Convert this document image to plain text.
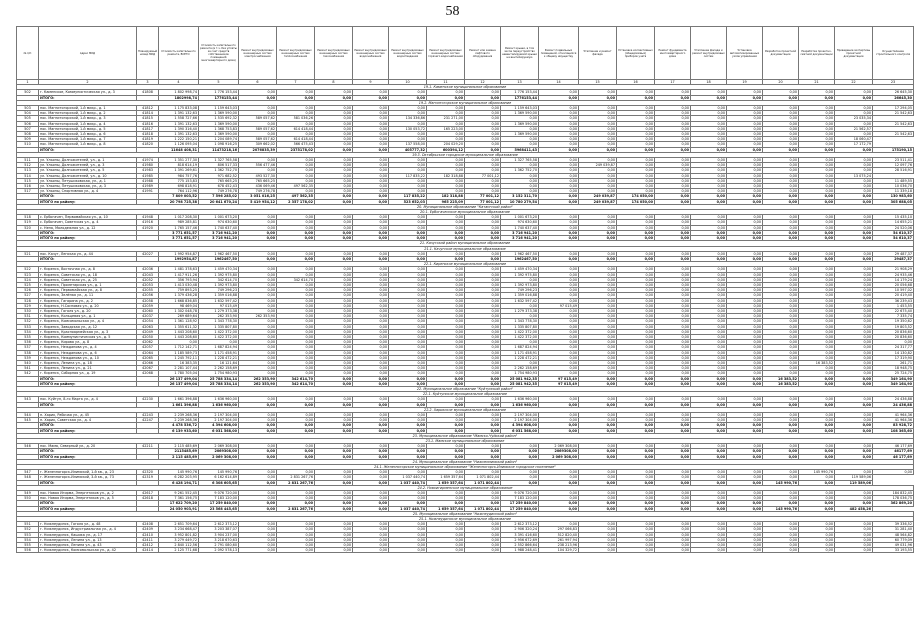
58
№ п/п	Адрес МКД	Планируемый номер МКД	Стоимость капитального ремонта, ВСЕГО	Стоимость капитального ремонта (в т.ч. без уплаты за счет средств собственников помещений многоквартирного дома)	Ремонт внутридомовых инженерных систем электроснабжения	Ремонт внутридомовых инженерных систем теплоснабжения	Ремонт внутридомовых инженерных систем газоснабжения	Ремонт внутридомовых инженерных систем водоснабжения	Ремонт внутридомовых инженерных систем водоотведения	Ремонт внутридомовых инженерных систем горячего водоснабжения	Ремонт или замена лифтового оборудования	Ремонт крыши, в том числе переустройство невентилируемой крыши на вентилируемую	Ремонт подвальных помещений, относящихся к общему имуществу	Утепление и ремонт фасада	Установка коллективных (общедомовых) приборов учета	Ремонт фундамента многоквартирного дома	Утепление фасада и ремонт внутридомовых систем	Установка автоматизированных узлов управления	Разработка проектной документации	Разработка проектно-сметной документации	Проведение экспертизы проектной документации	Осуществление строительного контроля
1	2	3	4	5	6	7	8	9	10	11	12	13	14	15	16	17	18	19	20	21	22	23
19.1. Каменское муниципальное образование																						
502	г. Каменское, Коммунистическая ул., д. 3	41808	1 802 998,74	1 776 153,44	0,00	0,00	0,00	0,00	0,00	0,00	0,00	1 776 153,44	0,00	0,00	0,00	0,00	0,00	0,00	0,00	0,00	0,00	26 645,30
	ИТОГО:		1802998,74	1776153,44	0,00	0,00	0,00	0,00	0,00	0,00	0,00	1776153,44	0,00	0,00	0,00	0,00	0,00	0,00	0,00	0,00	0,00	26645,30
19.2. Магнитогорское муниципальное образование																						
503	пос. Магнитогорский, 1-й микр., д. 1	41812	1 175 833,08	1 159 643,03	0,00	0,00	0,00	0,00	0,00	0,00	0,00	1 159 643,03	0,00	0,00	0,00	0,00	0,00	0,00	0,00	0,00	0,00	17 294,05
504	пос. Магнитогорский, 1-й микр., д. 2	41814	1 391 132,63	1 369 590,00	0,00	0,00	0,00	0,00	0,00	0,00	0,00	1 369 590,00	0,00	0,00	0,00	0,00	0,00	0,00	0,00	0,00	0,00	21 542,63
505	пос. Магнитогорский, 1-й микр., д. 3	41815	1 558 727,66	1 535 692,32	589 057,62	581 036,26	0,00	0,00	134 336,86	231 271,00	0,00	0,00	0,00	0,00	0,00	0,00	0,00	0,00	0,00	0,00	23 035,34	
506	пос. Магнитогорский, 1-й микр., д. 4	41816	1 391 132,63	1 369 590,00	0,00	0,00	0,00	0,00	0,00	0,00	0,00	1 369 590,00	0,00	0,00	0,00	0,00	0,00	0,00	0,00	0,00	0,00	21 542,63
507	пос. Магнитогорский, 1-й микр., д. 5	41817	1 390 316,40	1 368 753,83	589 057,62	614 418,44	0,00	0,00	130 053,72	165 223,00	0,00	0,00	0,00	0,00	0,00	0,00	0,00	0,00	0,00	0,00	21 562,57	
508	пос. Магнитогорский, 1-й микр., д. 6	41818	1 391 132,63	1 369 590,00	0,00	0,00	0,00	0,00	0,00	0,00	0,00	1 369 590,00	0,00	0,00	0,00	0,00	0,00	0,00	0,00	0,00	0,00	21 542,63
509	пос. Магнитогорский, 1-й микр., д. 7	41819	1 222 150,21	1 204 089,74	589 057,62	614 418,44	0,00	0,00	0,00	0,00	0,00	0,00	0,00	0,00	0,00	0,00	0,00	0,00	0,00	0,00	18 060,47	
510	пос. Магнитогорский, 1-й микр., д. 8	41820	1 126 095,04	1 098 916,25	309 662,02	566 475,43	0,00	0,00	137 558,00	204 029,20	0,00	0,00	0,00	0,00	0,00	0,00	0,00	0,00	0,00	0,00	17 172,79	
	ИТОГО:		11648 408,31	11473218,16	2076835,39	2375178,02	0,00	0,00	405777,32	600394,12	0,00	5968411,43	0,00	0,00	0,00	0,00	0,00	0,00	0,00	0,00	0,00	175190,15
19.3. Октябрьское городское муниципальное образование																						
511	ул. Ульяны, Долгожителей, ул., д. 1	41974	1 351 277,30	1 327 765,58	0,00	0,00	0,00	0,00	0,00	0,00	0,00	1 327 765,58	0,00	0,00	0,00	0,00	0,00	0,00	0,00	0,00	0,00	23 511,41
512	ул. Ульяны, Долгожителей, ул., д. 3	41980	818 614,19	806 517,33	556 477,46	0,00	0,00	0,00	0,00	0,00	0,00	0,00	0,00	249 039,87	0,00	0,00	0,00	0,00	0,00	0,00	0,00	12 097,76
513	ул. Ульяны, Долгожителей, ул., д. 5	41983	1 391 269,61	1 362 752,70	0,00	0,00	0,00	0,00	0,00	0,00	0,00	1 362 752,70	0,00	0,00	0,00	0,00	0,00	0,00	0,00	0,00	0,00	28 516,91
514	ул. Ульяны, Долгожителей, ул., д. 10	41985	984 757,76	971 682,52	493 527,30	0,00	0,00	0,00	117 835,22	182 318,88	77 001,12	0,00	0,00	0,00	0,00	0,00	0,00	0,00	0,00	0,00	13 075,24	
515	ул. Ульяны, Петушиковская, ул., д. 1	41988	775 153,83	765 665,25	765 665,25	0,00	0,00	0,00	0,00	0,00	0,00	0,00	0,00	0,00	0,00	0,00	0,00	0,00	0,00	0,00	0,00	11 489,55
516	ул. Ульяны, Петушиковская, ул., д. 3	41989	698 818,91	678 452,43	436 069,46	497 562,35	0,00	0,00	0,00	0,00	0,00	0,00	0,00	0,00	0,00	0,00	0,00	0,00	0,00	0,00	0,00	10 036,70
517	ул. Ульяны, Спортивная ул., д. 4	41991	764 112,96	749 276,78	749 276,78	0,00	0,00	0,00	0,00	0,00	0,00	0,00	0,00	0,00	0,00	0,00	0,00	0,00	0,00	0,00	0,00	11 339,18
	ИТОГО:		7 809 003,52	7 596 285,02	3 051 016,25	497 562,35	0,00	0,00	117 835,22	182 318,88	77 001,12	3 152 311,70	0,00	249 039,87	174 050,00	0,00	0,00	0,00	0,00	0,00	0,00	130 983,60
	ИТОГО по району:		20 798 725,38	20 641 670,24	5 419 954,12	2 357 178,02	0,00	0,00	523 652,03	965 225,09	77 001,12	10 780 279,54	0,00	249 039,87	174 050,00	0,00	0,00	0,00	0,00	0,00	0,00	305 688,05
20. Муниципальное образование "Катангский район"																						
20.1. Ербогаченское муниципальное образование																						
518	с. Ербогачен, Первомайская ул., д. 10	41948	1 017 208,30	1 001 673,20	0,00	0,00	0,00	0,00	0,00	0,00	0,00	1 001 673,20	0,00	0,00	0,00	0,00	0,00	0,00	0,00	0,00	0,00	15 435,10
519	с. Ербогачен, Советская ул., д. 4	41916	989 285,81	974 630,60	0,00	0,00	0,00	0,00	0,00	0,00	0,00	974 630,60	0,00	0,00	0,00	0,00	0,00	0,00	0,00	0,00	0,00	14 655,21
520	с. Непа, Молодежная ул., д. 12	41920	1 765 157,46	1 740 637,40	0,00	0,00	0,00	0,00	0,00	0,00	0,00	1 740 637,40	0,00	0,00	0,00	0,00	0,00	0,00	0,00	0,00	0,00	24 520,06
	ИТОГО:		3 771 651,57	3 716 941,20	0,00	0,00	0,00	0,00	0,00	0,00	0,00	3 716 941,20	0,00	0,00	0,00	0,00	0,00	0,00	0,00	0,00	0,00	54 610,37
	ИТОГО по району:		3 771 651,57	3 716 941,20	0,00	0,00	0,00	0,00	0,00	0,00	0,00	3 716 941,20	0,00	0,00	0,00	0,00	0,00	0,00	0,00	0,00	0,00	54 610,37
21. Качугский район муниципальное образование																						
21.1. Качугское муниципальное образование																						
521	пос. Качуг, Ленская ул., д. 44	42027	1 992 954,87	1 962 467,50	0,00	0,00	0,00	0,00	0,00	0,00	0,00	1 962 467,50	0,00	0,00	0,00	0,00	0,00	0,00	0,00	0,00	0,00	29 487,37
	ИТОГО:		1992954,87	1962467,50	0,00	0,00	0,00	0,00	0,00	0,00	0,00	1962467,50	0,00	0,00	0,00	0,00	0,00	0,00	0,00	0,00	0,00	29487,37
22.1. Киренское муниципальное образование																						
522	г. Киренск, Восточная ул., д. 8	42036	1 481 378,63	1 459 470,34	0,00	0,00	0,00	0,00	0,00	0,00	0,00	1 459 470,34	0,00	0,00	0,00	0,00	0,00	0,00	0,00	0,00	0,00	21 908,29
523	г. Киренск, Советская ул., д. 18	42043	1 417 911,26	1 392 975,80	0,00	0,00	0,00	0,00	0,00	0,00	0,00	1 392 975,80	0,00	0,00	0,00	0,00	0,00	0,00	0,00	0,00	0,00	24 935,46
524	г. Киренск, Советская ул., д. 25	42052	356 793,94	342 614,70	0,00	342 614,70	0,00	0,00	0,00	0,00	0,00	0,00	0,00	0,00	0,00	0,00	0,00	0,00	0,00	0,00	0,00	14 179,24
525	г. Киренск, Пролетарская ул., д. 1	42053	1 413 030,48	1 392 973,80	0,00	0,00	0,00	0,00	0,00	0,00	0,00	1 392 973,80	0,00	0,00	0,00	0,00	0,00	0,00	0,00	0,00	0,00	20 056,68
526	г. Киренск, Первомайская ул., д. 8	42055	759 893,25	749 296,23	0,00	0,00	0,00	0,00	0,00	0,00	0,00	749 296,23	0,00	0,00	0,00	0,00	0,00	0,00	0,00	0,00	0,00	10 597,02
527	г. Киренск, Зелёная ул., д. 11	42056	1 379 436,28	1 359 016,88	0,00	0,00	0,00	0,00	0,00	0,00	0,00	1 359 016,88	0,00	0,00	0,00	0,00	0,00	0,00	0,00	0,00	0,00	20 419,40
528	г. Киренск, Гагарина ул., д. 2	42058	1 668 836,85	1 632 597,42	0,00	0,00	0,00	0,00	0,00	0,00	0,00	1 632 597,42	0,00	0,00	0,00	0,00	0,00	0,00	0,00	0,00	0,00	36 239,43
529	г. Киренск, Н.Сосновая ул., д. 20	42059	98 469,04	97 015,49	0,00	0,00	0,00	0,00	0,00	0,00	0,00	0,00	97 015,49	0,00	0,00	0,00	0,00	0,00	0,00	0,00	0,00	1 453,55
530	г. Киренск, Гоголя ул., д. 20	42060	1 302 048,78	1 279 373,38	0,00	0,00	0,00	0,00	0,00	0,00	0,00	1 279 373,38	0,00	0,00	0,00	0,00	0,00	0,00	0,00	0,00	0,00	22 675,40
531	г. Киренск, Кольцевая ул., д. 1	42037	269 689,64	262 353,90	262 353,90	0,00	0,00	0,00	0,00	0,00	0,00	0,00	0,00	0,00	0,00	0,00	0,00	0,00	0,00	0,00	0,00	7 335,74
532	г. Киренск, Комсомольская ул., д. 4	42054	1 361 128,92	1 343 778,30	0,00	0,00	0,00	0,00	0,00	0,00	0,00	1 343 778,30	0,00	0,00	0,00	0,00	0,00	0,00	0,00	0,00	0,00	19 350,62
533	г. Киренск, Заводская ул., д. 12	42063	1 355 611,32	1 335 807,80	0,00	0,00	0,00	0,00	0,00	0,00	0,00	1 335 807,80	0,00	0,00	0,00	0,00	0,00	0,00	0,00	0,00	0,00	19 803,52
534	г. Киренск, Красноармейская ул., д. 3	42049	1 443 208,60	1 422 372,00	0,00	0,00	0,00	0,00	0,00	0,00	0,00	1 422 372,00	0,00	0,00	0,00	0,00	0,00	0,00	0,00	0,00	0,00	20 836,60
535	г. Киренск, Коммунистическая ул., д. 5	42050	1 443 208,60	1 422 372,00	0,00	0,00	0,00	0,00	0,00	0,00	0,00	1 422 372,00	0,00	0,00	0,00	0,00	0,00	0,00	0,00	0,00	0,00	20 836,60
536	г. Киренск, Кирова ул., д. 8	42062	0,00	0,00	0,00	0,00	0,00	0,00	0,00	0,00	0,00	0,00	0,00	0,00	0,00	0,00	0,00	0,00	0,00	0,00	0,00	0,00
537	г. Киренск, Нежданова ул., д. 4	42057	1 712 142,71	1 687 824,94	0,00	0,00	0,00	0,00	0,00	0,00	0,00	1 687 824,94	0,00	0,00	0,00	0,00	0,00	0,00	0,00	0,00	0,00	24 317,77
538	г. Киренск, Нежданова ул., д. 6	42064	1 185 589,73	1 171 458,91	0,00	0,00	0,00	0,00	0,00	0,00	0,00	1 171 458,91	0,00	0,00	0,00	0,00	0,00	0,00	0,00	0,00	0,00	14 130,82
539	г. Киренск, Нежданова ул., д. 10	42065	1 245 792,11	1 228 472,21	0,00	0,00	0,00	0,00	0,00	0,00	0,00	1 228 472,21	0,00	0,00	0,00	0,00	0,00	0,00	0,00	0,00	0,00	17 319,90
540	г. Киренск, Ленина ул., д. 18	42066	16 383,35	16 121,64	0,00	0,00	0,00	0,00	0,00	0,00	0,00	0,00	0,00	0,00	0,00	0,00	0,00	0,00	0,00	16 383,52	0,00	261,71
541	г. Киренск, Ленина ул., д. 21	42067	2 281 107,44	2 262 158,69	0,00	0,00	0,00	0,00	0,00	0,00	0,00	2 262 158,69	0,00	0,00	0,00	0,00	0,00	0,00	0,00	0,00	0,00	18 948,75
542	г. Киренск, Соборная ул., д. 19	42068	1 780 705,04	1 754 980,93	0,00	0,00	0,00	0,00	0,00	0,00	0,00	1 754 980,93	0,00	0,00	0,00	0,00	0,00	0,00	0,00	0,00	0,00	25 724,75
	ИТОГО:		26 137 499,04	25 788 334,14	262 353,90	342 614,70	0,00	0,00	0,00	0,00	0,00	25 081 942,35	97 015,49	0,00	0,00	0,00	0,00	0,00	16 383,52	0,00	0,00	349 164,90
	ИТОГО по району:		26 137 499,04	25 788 334,14	262 353,90	342 614,70	0,00	0,00	0,00	0,00	0,00	25 081 942,35	97 015,49	0,00	0,00	0,00	0,00	0,00	16 383,52	0,00	0,00	349 164,90
22. Муниципальное образование "Куйтунский район"																						
22.1. Куйтунское муниципальное образование																						
543	пос. Куйтун, 8-го Марта ул., д. 4	42230	1 661 396,88	1 636 960,00	0,00	0,00	0,00	0,00	0,00	0,00	0,00	1 636 960,00	0,00	0,00	0,00	0,00	0,00	0,00	0,00	0,00	0,00	24 436,88
	ИТОГО:		1 661 396,88	1 636 960,00	0,00	0,00	0,00	0,00	0,00	0,00	0,00	1 636 960,00	0,00	0,00	0,00	0,00	0,00	0,00	0,00	0,00	0,00	24 436,88
22.2. Харикское муниципальное образование																						
544	п. Харик, Рабочая ул., д. 45	42243	2 239 268,36	2 197 304,00	0,00	0,00	0,00	0,00	0,00	0,00	0,00	2 197 304,00	0,00	0,00	0,00	0,00	0,00	0,00	0,00	0,00	0,00	41 964,36
545	п. Харик, Советская ул., д. 4	42247	2 239 268,36	2 197 304,00	0,00	0,00	0,00	0,00	0,00	0,00	0,00	2 197 304,00	0,00	0,00	0,00	0,00	0,00	0,00	0,00	0,00	0,00	41 964,36
	ИТОГО:		4 478 536,72	4 394 608,00	0,00	0,00	0,00	0,00	0,00	0,00	0,00	4 394 608,00	0,00	0,00	0,00	0,00	0,00	0,00	0,00	0,00	0,00	83 928,72
	ИТОГО по району:		6 139 933,60	6 031 568,00	0,00	0,00	0,00	0,00	0,00	0,00	0,00	6 031 568,00	0,00	0,00	0,00	0,00	0,00	0,00	0,00	0,00	0,00	108 365,60
23. Муниципальное образование "Мамско-Чуйский район"																						
23.1. Мамское муниципальное образование																						
546	пос. Мама, Северный ул., д. 20	42211	2 115 485,69	2 069 308,00	0,00	0,00	0,00	0,00	0,00	0,00	0,00	0,00	2 069 308,00	0,00	0,00	0,00	0,00	0,00	0,00	0,00	0,00	46 177,69
	ИТОГО:		2115485,69	2069308,00	0,00	0,00	0,00	0,00	0,00	0,00	0,00	0,00	2069308,00	0,00	0,00	0,00	0,00	0,00	0,00	0,00	0,00	46177,69
	ИТОГО по району:		2 115 485,69	2 069 308,00	0,00	0,00	0,00	0,00	0,00	0,00	0,00	0,00	2 069 308,00	0,00	0,00	0,00	0,00	0,00	0,00	0,00	0,00	46 177,69
24. Муниципальное образование "Нижнеилимский район"																						
24.1. Железногорское муниципальное образование "Железногорск-Илимское городское поселение"																						
547	г. Железногорск-Илимский, 1-й кв., д. 23	42320	145 990,76	145 990,76	0,00	0,00	0,00	0,00	0,00	0,00	0,00	0,00	0,00	0,00	0,00	0,00	0,00	0,00	0,00	145 990,76	0,00	0,00
548	г. Железногорск-Илимский, 3-й кв., д. 73	42319	6 282 203,95	6 162 614,89	0,00	2 831 267,76	0,00	0,00	1 037 440,74	1 659 357,64	1 071 802,44	0,00	0,00	0,00	0,00	0,00	0,00	0,00	0,00	0,00	119 589,06	
	ИТОГО:		6 428 194,71	6 308 605,65	0,00	2 831 267,76	0,00	0,00	1 037 440,74	1 659 357,64	1 071 802,44	0,00	0,00	0,00	0,00	0,00	0,00	0,00	145 990,76	0,00	119 589,06	
24.2. Новоигирменское муниципальное образование																						
549	пос. Новая Игирма, Энергетиков ул., д. 2	42617	9 261 552,45	9 076 720,00	0,00	0,00	0,00	0,00	0,00	0,00	0,00	9 076 720,00	0,00	0,00	0,00	0,00	0,00	0,00	0,00	0,00	0,00	184 832,45
550	пос. Новая Игирма, Энергетиков ул., д. 5	42618	7 361 156,75	7 183 120,00	0,00	0,00	0,00	0,00	0,00	0,00	0,00	7 183 120,00	0,00	0,00	0,00	0,00	0,00	0,00	0,00	0,00	0,00	178 036,75
	ИТОГО:		17 622 709,20	17 259 840,00	0,00	0,00	0,00	0,00	0,00	0,00	0,00	17 259 840,00	0,00	0,00	0,00	0,00	0,00	0,00	0,00	0,00	0,00	362 869,20
	ИТОГО по району:		24 050 903,91	23 568 445,65	0,00	2 831 267,76	0,00	0,00	1 037 440,74	1 659 357,64	1 071 802,44	17 259 840,00	0,00	0,00	0,00	0,00	0,00	0,00	145 990,76	0,00	482 458,26	
25. Муниципальное образование "Нижнеудинский район"																						
25.1. Нижнеудинское муниципальное образование																						
551	г. Нижнеудинск, Гоголя ул., д. 48	42408	2 651 709,64	2 612 373,12	0,00	0,00	0,00	0,00	0,00	0,00	0,00	2 612 373,12	0,00	0,00	0,00	0,00	0,00	0,00	0,00	0,00	0,00	39 336,52
552	г. Нижнеудинск, Индустриальная ул., д. 4	42409	3 234 668,47	3 203 387,07	0,00	0,00	0,00	0,00	0,00	0,00	0,00	2 906 320,24	297 066,83	0,00	0,00	0,00	0,00	0,00	0,00	0,00	0,00	31 281,40
553	г. Нижнеудинск, Кашика ул., д. 17	42410	3 952 801,82	3 904 237,00	0,00	0,00	0,00	0,00	0,00	0,00	0,00	3 391 416,60	512 820,40	0,00	0,00	0,00	0,00	0,00	0,00	0,00	0,00	48 564,82
554	г. Нижнеудинск, Ленина ул., д. 13	42411	3 279 449,72	3 218 670,63	0,00	0,00	0,00	0,00	0,00	0,00	0,00	2 956 672,69	261 997,94	0,00	0,00	0,00	0,00	0,00	0,00	0,00	0,00	60 779,09
555	г. Нижнеудинск, Ленина ул., д. 43	42412	2 840 112,56	2 791 080,60	0,00	0,00	0,00	0,00	0,00	0,00	0,00	2 552 866,64	238 213,96	0,00	0,00	0,00	0,00	0,00	0,00	0,00	0,00	49 031,96
556	г. Нижнеудинск, Комсомольская ул., д. 42	42414	2 125 771,68	2 092 578,13	0,00	0,00	0,00	0,00	0,00	0,00	0,00	1 988 248,41	104 329,72	0,00	0,00	0,00	0,00	0,00	0,00	0,00	0,00	33 193,55
